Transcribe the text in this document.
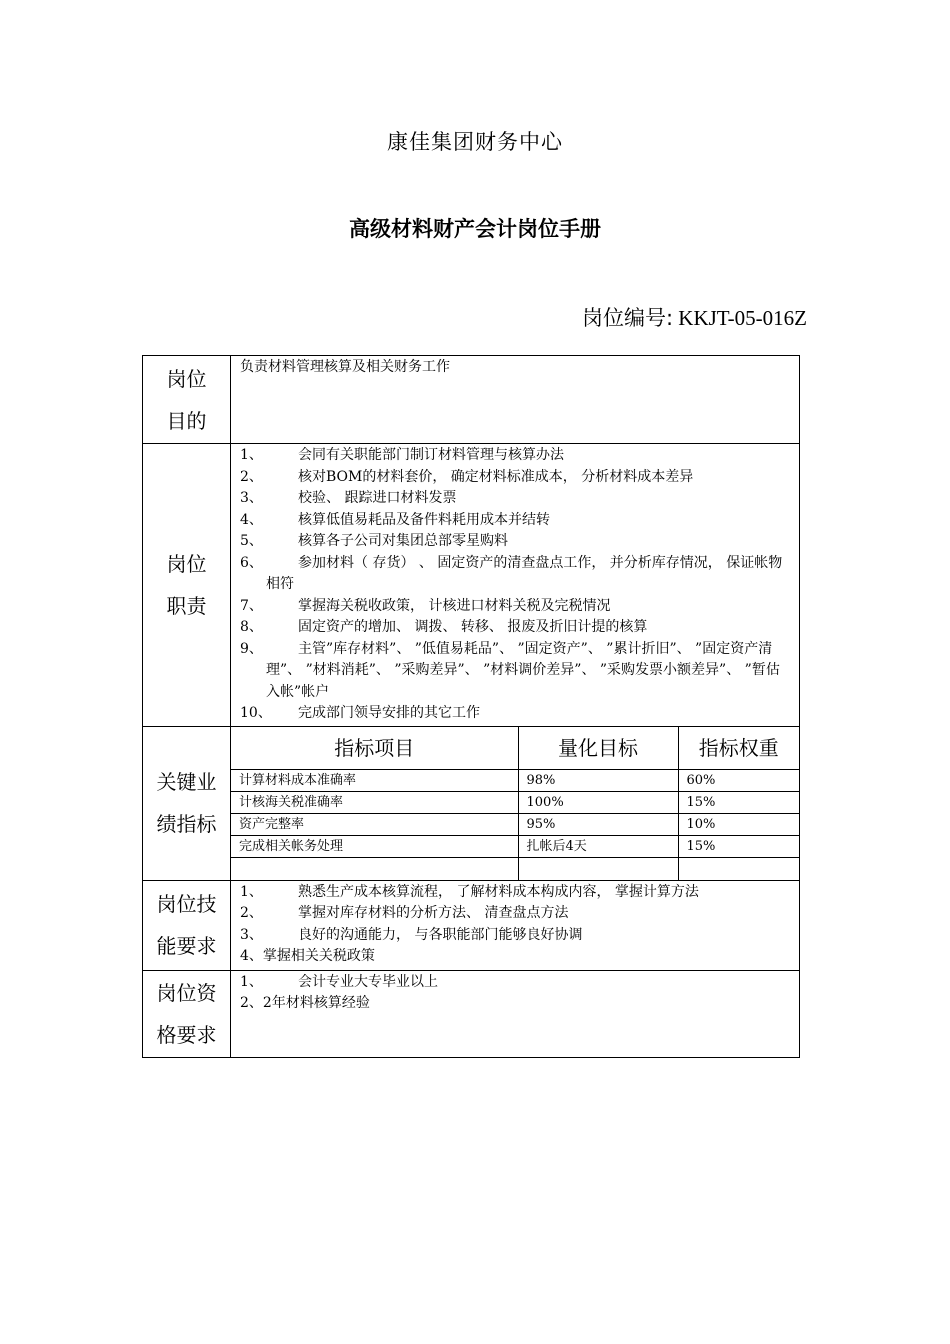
康佳集团财务中心
高级材料财产会计岗位手册
岗位编号: KKJT-05-016Z
岗位
目的
	负责材料管理核算及相关财务工作

岗位
职责

1、	会同有关职能部门制订材料管理与核算办法
2、	核对BOM的材料套价， 确定材料标准成本， 分析材料成本差异
3、	校验、 跟踪进口材料发票
4、	核算低值易耗品及备件料耗用成本并结转
5、	核算各子公司对集团总部零星购料
6、	参加材料（ 存货） 、 固定资产的清查盘点工作， 并分析库存情况， 保证帐物相符
7、	掌握海关税收政策， 计核进口材料关税及完税情况
8、	固定资产的增加、 调拨、 转移、 报废及折旧计提的核算
9、	主管”库存材料”、 ”低值易耗品”、 ”固定资产”、 ”累计折旧”、 ”固定资产清理”、 ”材料消耗”、 ”采购差异”、 ”材料调价差异”、 ”采购发票小额差异”、 ”暂估入帐”帐户
10、	完成部门领导安排的其它工作

关键业
绩指标

指标项目	量化目标	指标权重
计算材料成本准确率	98%	60%
计核海关税准确率	100%	15%
资产完整率	95%	10%
完成相关帐务处理	扎帐后4天	15%

岗位技
能要求

1、	熟悉生产成本核算流程， 了解材料成本构成内容， 掌握计算方法
2、	掌握对库存材料的分析方法、 清查盘点方法
3、	良好的沟通能力， 与各职能部门能够良好协调
4、掌握相关关税政策

岗位资
格要求

1、	会计专业大专毕业以上
2、2年材料核算经验
